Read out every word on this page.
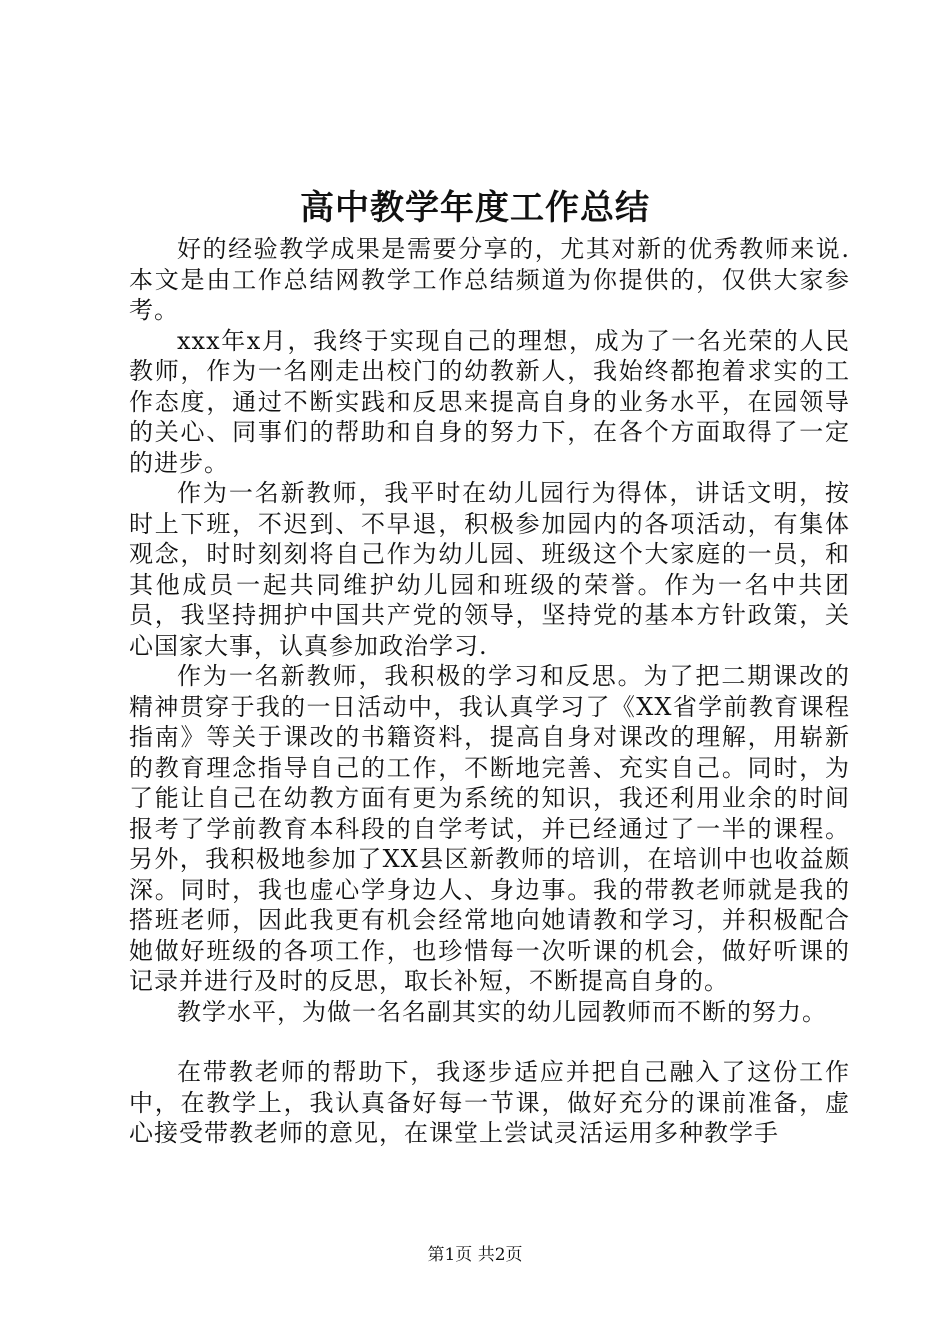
高中教学年度工作总结

好的经验教学成果是需要分享的，尤其对新的优秀教师来说.本文是由工作总结网教学工作总结频道为你提供的，仅供大家参考。

xxx年x月，我终于实现自己的理想，成为了一名光荣的人民教师，作为一名刚走出校门的幼教新人，我始终都抱着求实的工作态度，通过不断实践和反思来提高自身的业务水平，在园领导的关心、同事们的帮助和自身的努力下，在各个方面取得了一定的进步。

作为一名新教师，我平时在幼儿园行为得体，讲话文明，按时上下班，不迟到、不早退，积极参加园内的各项活动，有集体观念，时时刻刻将自己作为幼儿园、班级这个大家庭的一员，和其他成员一起共同维护幼儿园和班级的荣誉。作为一名中共团员，我坚持拥护中国共产党的领导，坚持党的基本方针政策，关心国家大事，认真参加政治学习.

作为一名新教师，我积极的学习和反思。为了把二期课改的精神贯穿于我的一日活动中，我认真学习了《XX省学前教育课程指南》等关于课改的书籍资料，提高自身对课改的理解，用崭新的教育理念指导自己的工作，不断地完善、充实自己。同时，为了能让自己在幼教方面有更为系统的知识，我还利用业余的时间报考了学前教育本科段的自学考试，并已经通过了一半的课程。另外，我积极地参加了XX县区新教师的培训，在培训中也收益颇深。同时，我也虚心学身边人、身边事。我的带教老师就是我的搭班老师，因此我更有机会经常地向她请教和学习，并积极配合她做好班级的各项工作，也珍惜每一次听课的机会，做好听课的记录并进行及时的反思，取长补短，不断提高自身的。

教学水平，为做一名名副其实的幼儿园教师而不断的努力。

在带教老师的帮助下，我逐步适应并把自己融入了这份工作中，在教学上，我认真备好每一节课，做好充分的课前准备，虚心接受带教老师的意见，在课堂上尝试灵活运用多种教学手

第1页 共2页
